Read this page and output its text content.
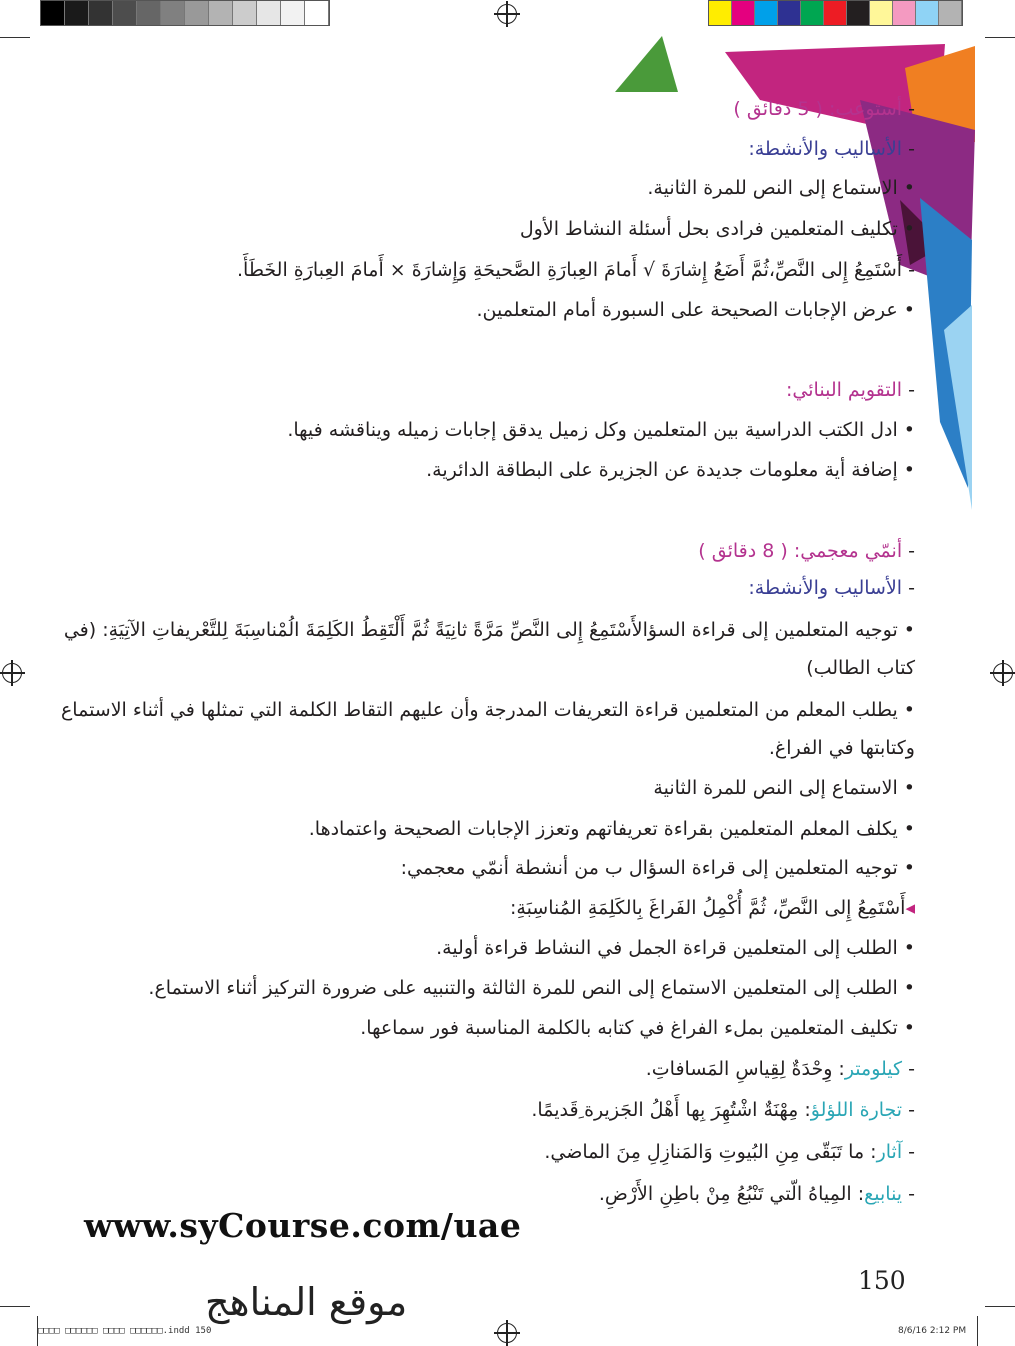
- أستوعب: ( 5 دقائق )
- الأساليب والأنشطة:
• الاستماع إلى النص للمرة الثانية.
• تكليف المتعلمين فرادى بحل أسئلة النشاط الأول
- أَسْتَمِعُ إِلى النَّصِّ،ثُمَّ أَضَعُ إِشارَةَ √ أَمامَ العِبارَةِ الصَّحيحَةِ وَإِشارَةَ × أَمامَ العِبارَةِ الخَطَأَ.
• عرض الإجابات الصحيحة على السبورة أمام المتعلمين.
- التقويم البنائي:
• ادل الكتب الدراسية بين المتعلمين وكل زميل يدقق إجابات زميله ويناقشه فيها.
• إضافة أية معلومات جديدة عن الجزيرة على البطاقة الدائرية.
- أنمّي معجمي: ( 8 دقائق )
- الأساليب والأنشطة:
• توجيه المتعلمين إلى قراءة السؤالأَسْتَمِعُ إِلى النَّصِّ مَرَّةً ثانِيَةً ثُمَّ أَلْتَقِطُ الكَلِمَةَ الُمْناسِبَةَ لِلتَّعْريفاتِ الآتِيَةِ: (في
كتاب الطالب)
• يطلب المعلم من المتعلمين قراءة التعريفات المدرجة وأن عليهم التقاط الكلمة التي تمثلها في أثناء الاستماع
وكتابتها في الفراغ.
• الاستماع إلى النص للمرة الثانية
• يكلف المعلم المتعلمين بقراءة تعريفاتهم وتعزز الإجابات الصحيحة واعتمادها.
• توجيه المتعلمين إلى قراءة السؤال ب من أنشطة أنمّي معجمي:
◂أَسْتَمِعُ إِلى النَّصِّ، ثُمَّ أُكْمِلُ الفَراغَ بِالكَلِمَةِ المُناسِبَةِ:
• الطلب إلى المتعلمين قراءة الجمل في النشاط قراءة أولية.
• الطلب إلى المتعلمين الاستماع إلى النص للمرة الثالثة والتنبيه على ضرورة التركيز أثناء الاستماع.
• تكليف المتعلمين بملء الفراغ في كتابه بالكلمة المناسبة فور سماعها.
- كيلومتر: وِحْدَةٌ لِقِياسِ المَسافاتِ.
- تجارة اللؤلؤ: مِهْنَةٌ اشْتُهِرَ بِها أَهْلُ الجَزيرة ِقَديمًا.
- آثار: ما تَبَقّى مِنِ البُيوتِ وَالمَنازِلِ مِنَ الماضي.
- ينابيع: المِياهُ الّتي تَنْبُعُ مِنْ باطِنِ الأَرْضِ.
www.syCourse.com/uae
150
موقع المناهج
□□□□ □□□□□□ □□□□ □□□□□□.indd 150	8/6/16 2:12 PM
